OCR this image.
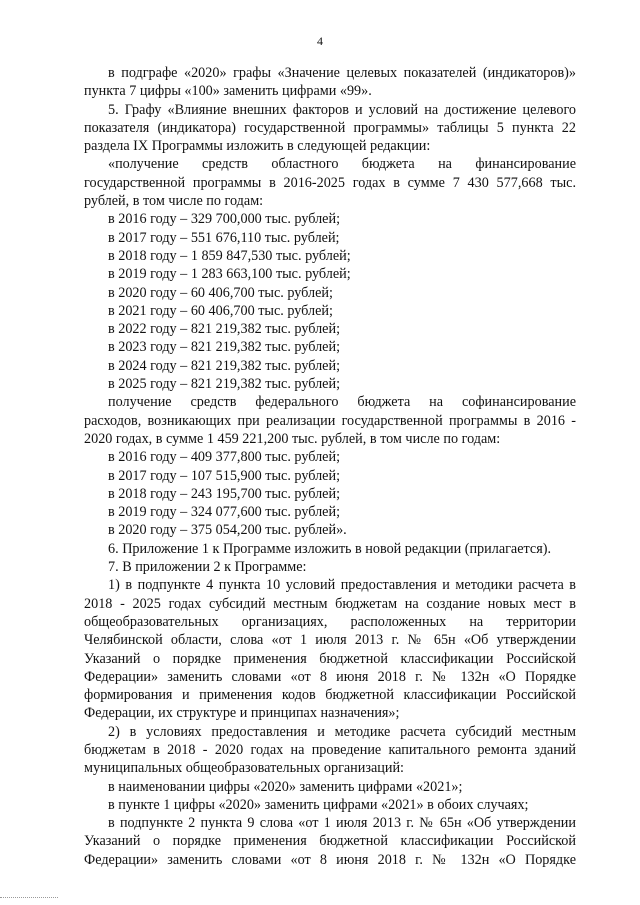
4
в подграфе «2020» графы «Значение целевых показателей (индикаторов)»
пункта 7 цифры «100» заменить цифрами «99».
5. Графу «Влияние внешних факторов и условий на достижение целевого
показателя (индикатора) государственной программы» таблицы 5 пункта 22
раздела IX Программы изложить в следующей редакции:
«получение средств областного бюджета на финансирование
государственной программы в 2016-2025 годах в сумме 7 430 577,668 тыс.
рублей, в том числе по годам:
в 2016 году – 329 700,000 тыс. рублей;
в 2017 году – 551 676,110 тыс. рублей;
в 2018 году – 1 859 847,530 тыс. рублей;
в 2019 году – 1 283 663,100 тыс. рублей;
в 2020 году – 60 406,700 тыс. рублей;
в 2021 году – 60 406,700 тыс. рублей;
в 2022 году – 821 219,382 тыс. рублей;
в 2023 году – 821 219,382 тыс. рублей;
в 2024 году – 821 219,382 тыс. рублей;
в 2025 году – 821 219,382 тыс. рублей;
получение средств федерального бюджета на софинансирование
расходов, возникающих при реализации государственной программы в 2016 -
2020 годах, в сумме 1 459 221,200 тыс. рублей, в том числе по годам:
в 2016 году – 409 377,800 тыс. рублей;
в 2017 году – 107 515,900 тыс. рублей;
в 2018 году – 243 195,700 тыс. рублей;
в 2019 году – 324 077,600 тыс. рублей;
в 2020 году – 375 054,200 тыс. рублей».
6. Приложение 1 к Программе изложить в новой редакции (прилагается).
7. В приложении 2 к Программе:
1) в подпункте 4 пункта 10 условий предоставления и методики расчета в
2018 - 2025 годах субсидий местным бюджетам на создание новых мест в
общеобразовательных организациях, расположенных на территории
Челябинской области, слова «от 1 июля 2013 г. № 65н «Об утверждении
Указаний о порядке применения бюджетной классификации Российской
Федерации» заменить словами «от 8 июня 2018 г. № 132н «О Порядке
формирования и применения кодов бюджетной классификации Российской
Федерации, их структуре и принципах назначения»;
2) в условиях предоставления и методике расчета субсидий местным
бюджетам в 2018 - 2020 годах на проведение капитального ремонта зданий
муниципальных общеобразовательных организаций:
в наименовании цифры «2020» заменить цифрами «2021»;
в пункте 1 цифры «2020» заменить цифрами «2021» в обоих случаях;
в подпункте 2 пункта 9 слова «от 1 июля 2013 г. № 65н «Об утверждении
Указаний о порядке применения бюджетной классификации Российской
Федерации» заменить словами «от 8 июня 2018 г. № 132н «О Порядке
